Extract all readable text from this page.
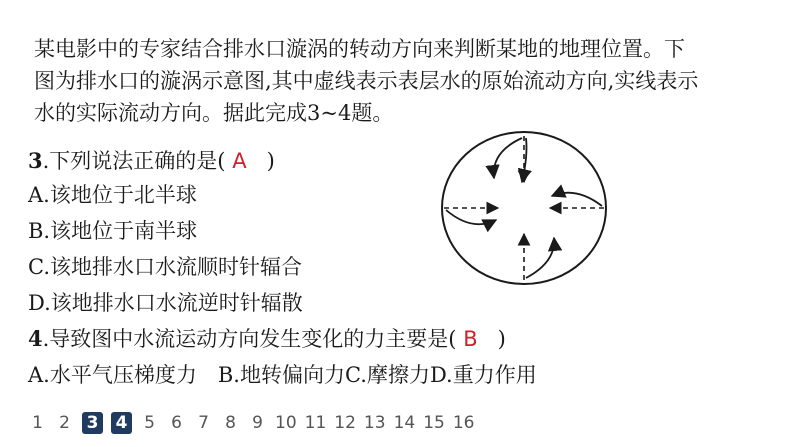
某电影中的专家结合排水口漩涡的转动方向来判断某地的地理位置。下
图为排水口的漩涡示意图,其中虚线表示表层水的原始流动方向,实线表示
水的实际流动方向。据此完成3~4题。
3.下列说法正确的是( A )
A.该地位于北半球
B.该地位于南半球
C.该地排水口水流顺时针辐合
D.该地排水口水流逆时针辐散
4.导致图中水流运动方向发生变化的力主要是( B )
A.水平气压梯度力　B.地转偏向力C.摩擦力D.重力作用
1 2 3 4 5 6 7 8 9 10 11 12 13 14 15 16
